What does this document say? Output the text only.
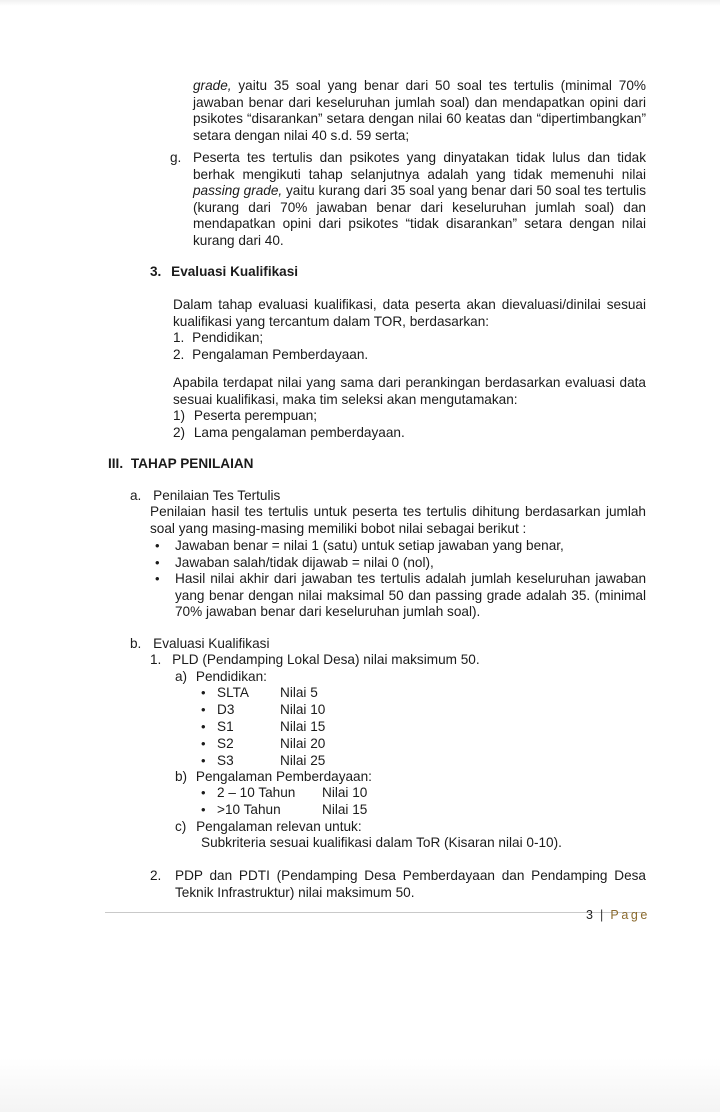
grade, yaitu 35 soal yang benar dari 50 soal tes tertulis (minimal 70% jawaban benar dari keseluruhan jumlah soal) dan mendapatkan opini dari psikotes “disarankan” setara dengan nilai 60 keatas dan “dipertimbangkan” setara dengan nilai 40 s.d. 59 serta;
g. Peserta tes tertulis dan psikotes yang dinyatakan tidak lulus dan tidak berhak mengikuti tahap selanjutnya adalah yang tidak memenuhi nilai passing grade, yaitu kurang dari 35 soal yang benar dari 50 soal tes tertulis (kurang dari 70% jawaban benar dari keseluruhan jumlah soal) dan mendapatkan opini dari psikotes “tidak disarankan” setara dengan nilai kurang dari 40.
3. Evaluasi Kualifikasi
Dalam tahap evaluasi kualifikasi, data peserta akan dievaluasi/dinilai sesuai kualifikasi yang tercantum dalam TOR, berdasarkan:
1. Pendidikan;
2. Pengalaman Pemberdayaan.
Apabila terdapat nilai yang sama dari perankingan berdasarkan evaluasi data sesuai kualifikasi, maka tim seleksi akan mengutamakan:
1) Peserta perempuan;
2) Lama pengalaman pemberdayaan.
III. TAHAP PENILAIAN
a. Penilaian Tes Tertulis
Penilaian hasil tes tertulis untuk peserta tes tertulis dihitung berdasarkan jumlah soal yang masing-masing memiliki bobot nilai sebagai berikut :
• Jawaban benar = nilai 1 (satu) untuk setiap jawaban yang benar,
• Jawaban salah/tidak dijawab = nilai 0 (nol),
• Hasil nilai akhir dari jawaban tes tertulis adalah jumlah keseluruhan jawaban yang benar dengan nilai maksimal 50 dan passing grade adalah 35. (minimal 70% jawaban benar dari keseluruhan jumlah soal).
b. Evaluasi Kualifikasi
1. PLD (Pendamping Lokal Desa) nilai maksimum 50.
a) Pendidikan:
• SLTA Nilai 5
• D3	Nilai 10
• S1	Nilai 15
• S2	Nilai 20
• S3	Nilai 25
b) Pengalaman Pemberdayaan:
• 2 – 10 Tahun Nilai 10
• >10 Tahun	Nilai 15
c) Pengalaman relevan untuk:
Subkriteria sesuai kualifikasi dalam ToR (Kisaran nilai 0-10).
2. PDP dan PDTI (Pendamping Desa Pemberdayaan dan Pendamping Desa Teknik Infrastruktur) nilai maksimum 50.
3 | Page
